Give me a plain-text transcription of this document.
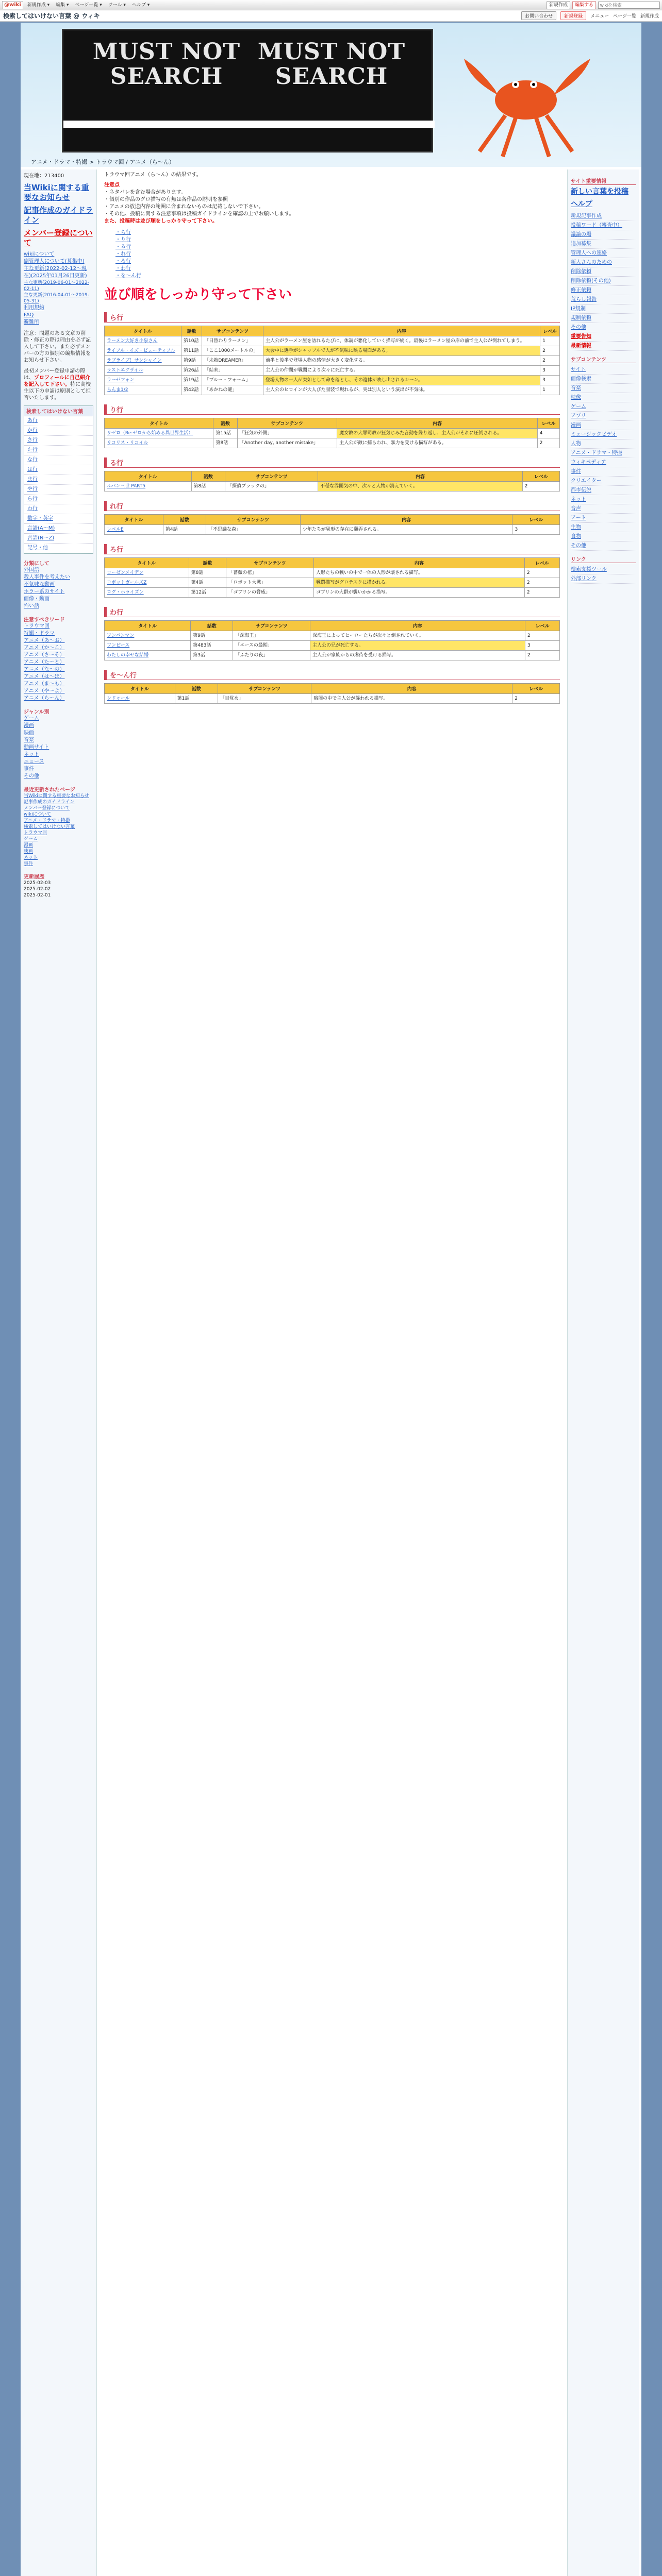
@wiki	新規作成 ▾	編集 ▾	ページ一覧 ▾	ツール ▾	ヘルプ ▾	新規作成	編集する
wikiを検索
検索してはいけない言葉 @ ウィキ	お問い合わせ	新規登録	メニュー ページ一覧 新規作成
MUST NOT SEARCH
MUST NOT SEARCH
アニメ・ドラマ・特撮 > トラウマ回 / アニメ（ら〜ん）
現在地：213400
当Wikiに関する重要なお知らせ
記事作成のガイドライン
メンバー登録について
wikiについて
副管理人について(募集中)
主な更新(2022-02-12〜現在)(2025年01月26日更新)
主な更新(2019-06-01〜2022-02-11)
主な更新(2016-04-01〜2019-05-31)
利用規約
FAQ
避難所
注意：問題のある文章の削除・修正の際は理由を必ず記入して下さい。また必ずメンバーの方の個別の編集情報をお知らせ下さい。
最初メンバー登録申請の際は、プロフィールに自己紹介を記入して下さい。特に高校生以下の申請は原則として拒否いたします。
検索してはいけない言葉
あ行
か行
さ行
た行
な行
は行
ま行
や行
ら行
わ行
数字・英字
言語(A〜M)
言語(N〜Z)
記号・他
分類にして
外国語
殺人事件を考えたい
不気味な動画
ホラー系のサイト
画像・動画
怖い話
注意すべきワード
トラウマ回
特撮・ドラマ
アニメ（あ〜お）
アニメ（か〜こ）
アニメ（さ〜そ）
アニメ（た〜と）
アニメ（な〜の）
アニメ（は〜ほ）
アニメ（ま〜も）
アニメ（や〜よ）
アニメ（ら〜ん）
ジャンル別
ゲーム
漫画
映画
音楽
動画サイト
ネット
ニュース
事件
その他
最近更新されたページ
当Wikiに関する重要なお知らせ
記事作成のガイドライン
メンバー登録について
wikiについて
アニメ・ドラマ・特撮
検索してはいけない言葉
トラウマ回
ゲーム
漫画
映画
ネット
事件
更新履歴
2025-02-03
2025-02-02
2025-02-01
トラウマ回アニメ（ら〜ん）の結果です。
注意点
・ネタバレを含む場合があります。
・個別の作品のグロ描写の有無は各作品の説明を参照
・アニメの放送内容の範囲に含まれないものは記載しないで下さい。
・その他、投稿に関する注意事項は投稿ガイドラインを確認の上でお願いします。
また、投稿時は並び順をしっかり守って下さい。
・ら行
・り行
・る行
・れ行
・ろ行
・わ行
・を〜ん行
並び順をしっかり守って下さい
ら行
タイトル	話数	サブコンテンツ	内容	レベル
ラーメン大好き小泉さん	第10話	「日替わりラーメン」	主人公がラーメン屋を訪れるたびに、体調が悪化していく描写が続く。最後はラーメン屋の扉の前で主人公が倒れてしまう。	1
ライフル・イズ・ビューティフル	第11話	「ここ1000メートルの」	大会中に選手がシャッフルで人が不気味に映る場面がある。	2
ラブライブ！サンシャイン	第9話	「未熟DREAMER」	前半と後半で登場人物の感情が大きく変化する。	2
ラストエグザイル	第26話	「結末」	主人公の仲間が戦闘により次々に死亡する。	3
ラーゼフォン	第19話	「ブルー・フォーム」	登場人物の一人が突如として命を落とし、その遺体が映し出されるシーン。	3
らんま1/2	第42話	「あかねの謎」	主人公のヒロインが大人びた服装で現れるが、実は別人という演出が不気味。	1
り行
タイトル	話数	サブコンテンツ	内容	レベル
リゼロ（Re:ゼロから始める異世界生活）	第15話	「狂気の外側」	魔女教の大罪司教が狂気じみた言動を繰り返し、主人公がそれに圧倒される。	4
リコリス・リコイル	第8話	「Another day, another mistake」	主人公が敵に捕らわれ、暴力を受ける描写がある。	2
る行
タイトル	話数	サブコンテンツ	内容	レベル
ルパン三世 PART5	第8話	「探偵ブラックの」	不穏な雰囲気の中、次々と人物が消えていく。	2
れ行
タイトル	話数	サブコンテンツ	内容	レベル
レベルE	第4話	「不思議な森」	少年たちが異形の存在に翻弄される。	3
ろ行
タイトル	話数	サブコンテンツ	内容	レベル
ローゼンメイデン	第8話	「薔薇の棺」	人形たちの戦いの中で一体の人形が壊される描写。	2
ロボットガールズZ	第4話	「ロボット大戦」	戦闘描写がグロテスクに描かれる。	2
ログ・ホライズン	第12話	「ゴブリンの脅威」	ゴブリンの大群が襲いかかる描写。	2
わ行
タイトル	話数	サブコンテンツ	内容	レベル
ワンパンマン	第9話	「深海王」	深海王によってヒーローたちが次々と倒されていく。	2
ワンピース	第483話	「エースの最期」	主人公の兄が死亡する。	3
わたしの幸せな結婚	第3話	「ふたりの夜」	主人公が家族からの虐待を受ける描写。	2
を〜ん行
タイトル	話数	サブコンテンツ	内容	レベル
ンドゥール	第1話	「目覚め」	暗闇の中で主人公が襲われる描写。	2
サイト重要情報
新しい言葉を投稿
ヘルプ
新規記事作成
投稿ワード（審査中）
議論の場
追加募集
管理人への連絡
新人さんのための
削除依頼
削除依頼(その他)
修正依頼
荒らし報告
IP規制
規制依頼
その他
重要告知
最新情報
サブコンテンツ
サイト
画像検索
音楽
映像
ゲーム
アプリ
漫画
ミュージックビデオ
人物
アニメ・ドラマ・特撮
ウィキペディア
事件
クリエイター
都市伝説
ネット
音声
アート
生物
食物
その他
リンク
検索支援ツール
外部リンク
